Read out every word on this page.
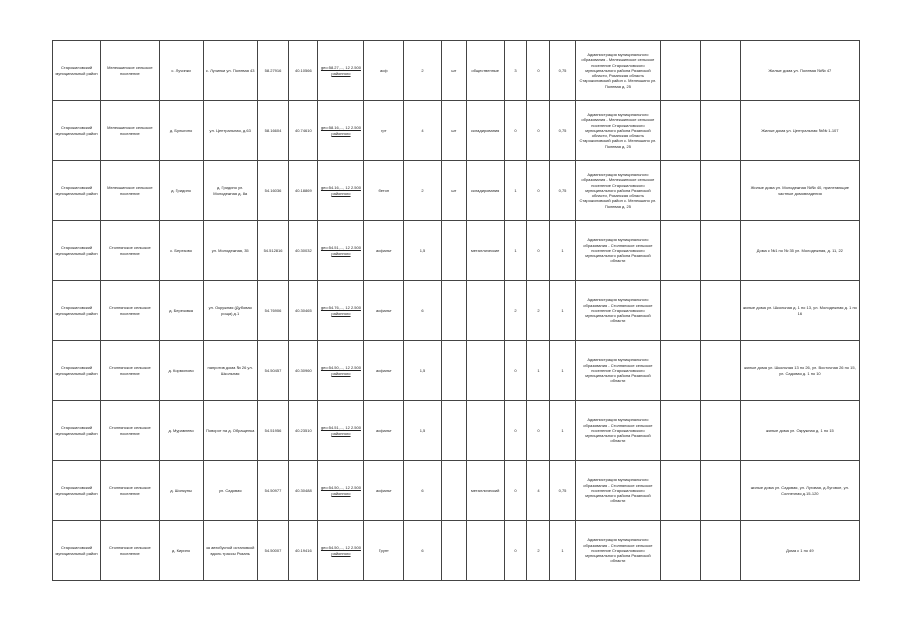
Старожиловский муниципальный район	Мелекшинское сельское поселение	с. Лучинки	с. Лучинки ул. Полевая 43	58.27916	40.10566	geo:58.27,..., 12 2.500 районного	асф	2	шт	общественные	3	0	0,75	Администрация муниципального образования - Мелекшинское сельское поселение Старожиловского муниципального района Рязанской области, Рязанская область Старожиловский район с. Мелекшино ул. Полевая д. 25			Жилые дома ул. Полевая №№ 47
Старожиловский муниципальный район	Мелекшинское сельское поселение	д. Булыгино	ул. Центральная, д.63	58.16604	40.74610	geo:58.16,..., 12 2.500 районного	грт	4	шт	складирования	0	0	0,75	Администрация муниципального образования - Мелекшинское сельское поселение Старожиловского муниципального района Рязанской области, Рязанская область Старожиловский район с. Мелекшино ул. Полевая д. 25			Жилые дома ул. Центральная №№ 1-107
Старожиловский муниципальный район	Мелекшинское сельское поселение	д. Гридино	д. Гридино ул. Молодежная д. 8а	54.16036	40.18869	geo:54.16,..., 12 2.500 районного	бетон	2	шт	складирования	1	0	0,75	Администрация муниципального образования - Мелекшинское сельское поселение Старожиловского муниципального района Рязанской области, Рязанская область Старожиловский район с. Мелекшино ул. Полевая д. 25			Жилые дома ул. Молодежная №№ 40, прилегающие частные домовладения
Старожиловский муниципальный район	Столпянское сельское поселение	с. Березово	ул. Молодежная, 35	54.512816	40.30032	geo:54.51,..., 12 2.500 районного	асфальт	1,5		металлические	1	0	1	Администрация муниципального образования - Столпянское сельское поселение Старожиловского муниципального района Рязанской области			Дома с №1 по № 35 ул. Молодежная, д. 11, 22
Старожиловский муниципальный район	Столпянское сельское поселение	д. Березовка	ул. Окружная (Дубовая роща) д.1	54.76906	40.30465	geo:54.76,..., 12 2.500 районного	асфальт	6			2	2	1	Администрация муниципального образования - Столпянское сельское поселение Старожиловского муниципального района Рязанской области			жилые дома ул. Школьная д. 1 по 13, ул. Молодежная д. 1 по 16
Старожиловский муниципальный район	Столпянское сельское поселение	д. Кормилово	напротив дома № 26 ул. Школьная	54.50457	40.30960	geo:54.50,..., 12 2.500 районного	асфальт	1,5			0	1	1	Администрация муниципального образования - Столпянское сельское поселение Старожиловского муниципального района Рязанской области			жилые дома ул. Школьная 13 по 26, ул. Восточная 26 по 15, ул. Садовая д. 1 по 10
Старожиловский муниципальный район	Столпянское сельское поселение	д. Муравлево	Поворот на д. Обращенка	54.51956	40.23510	geo:54.51,..., 12 2.500 районного	асфальт	1,5			0	0	1	Администрация муниципального образования - Столпянское сельское поселение Старожиловского муниципального района Рязанской области			жилые дома ул. Окружная д. 1 по 15
Старожиловский муниципальный район	Столпянское сельское поселение	д. Шилкуны	ул. Садовая	54.50977	40.30488	geo:54.50,..., 12 2.500 районного	асфальт	6		металлический	0	4	0,75	Администрация муниципального образования - Столпянское сельское поселение Старожиловского муниципального района Рязанской области			жилые дома ул. Садовая, ул. Луговая, д.Луговое, ул. Солнечная д.15-120
Старожиловский муниципальный район	Столпянское сельское поселение	д. Кирино	за автобусной остановкой вдоль трассы Рязань	54.50007	40.19416	geo:54.50,..., 12 2.500 районного	Грунт	6			0	2	1	Администрация муниципального образования - Столпянское сельское поселение Старожиловского муниципального района Рязанской области			Дома с 1 по 49
